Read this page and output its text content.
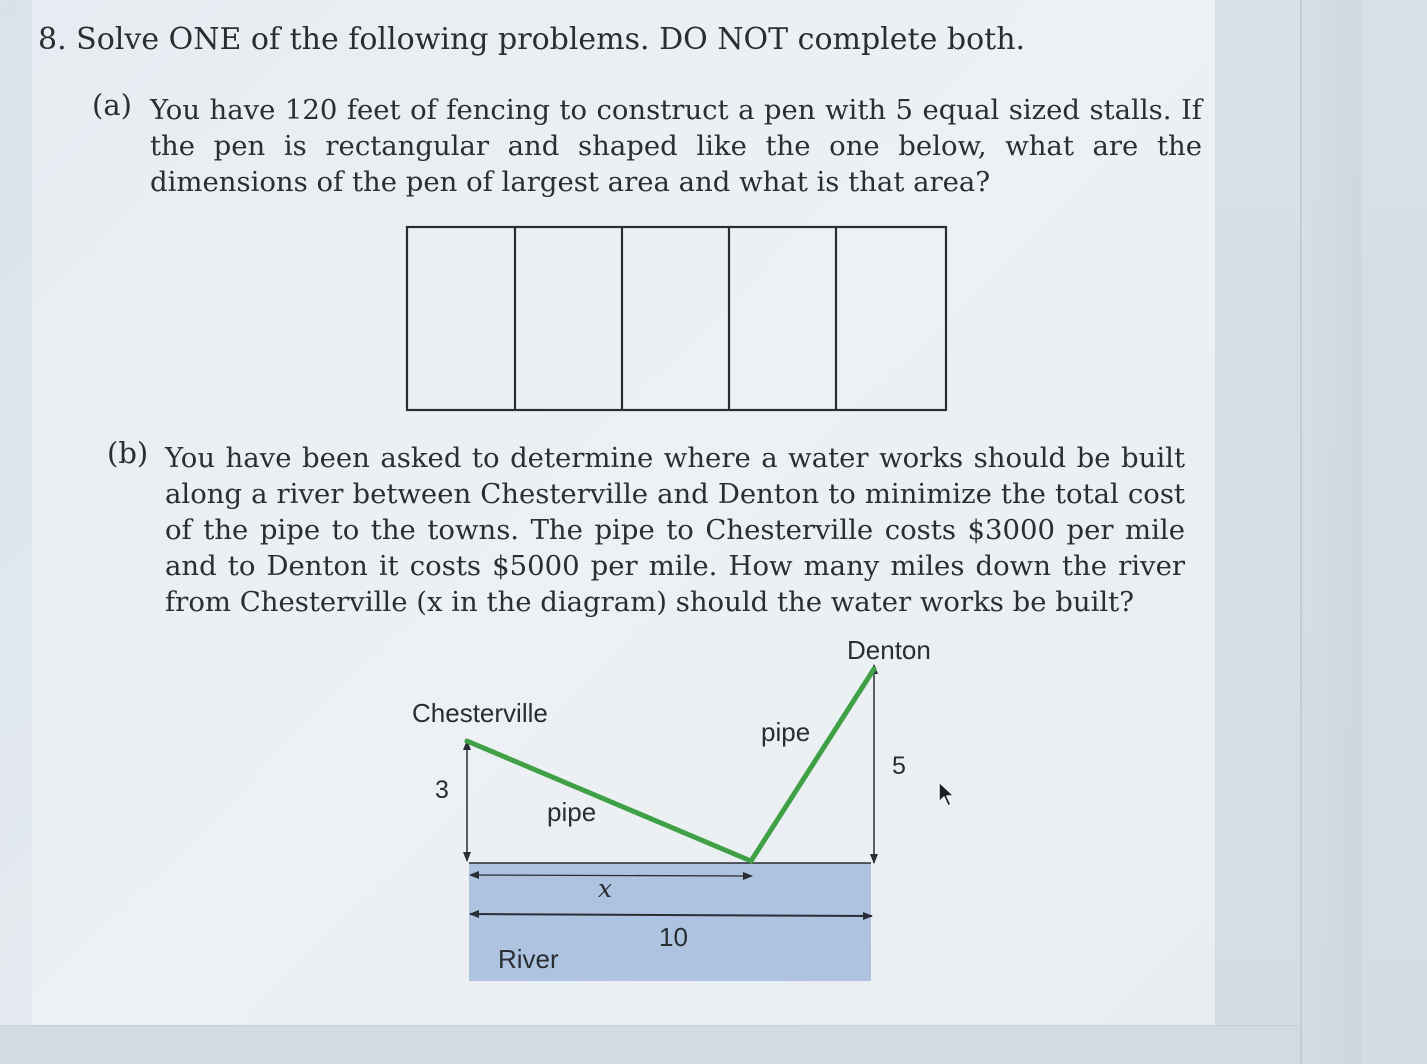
8. Solve ONE of the following problems. DO NOT complete both.
(a) You have 120 feet of fencing to construct a pen with 5 equal sized stalls. If the pen is rectangular and shaped like the one below, what are the dimensions of the pen of largest area and what is that area?
(b) You have been asked to determine where a water works should be built along a river between Chesterville and Denton to minimize the total cost of the pipe to the towns. The pipe to Chesterville costs $3000 per mile and to Denton it costs $5000 per mile. How many miles down the river from Chesterville (x in the diagram) should the water works be built?
Chesterville
Denton
3
5
pipe
pipe
x
10
River
